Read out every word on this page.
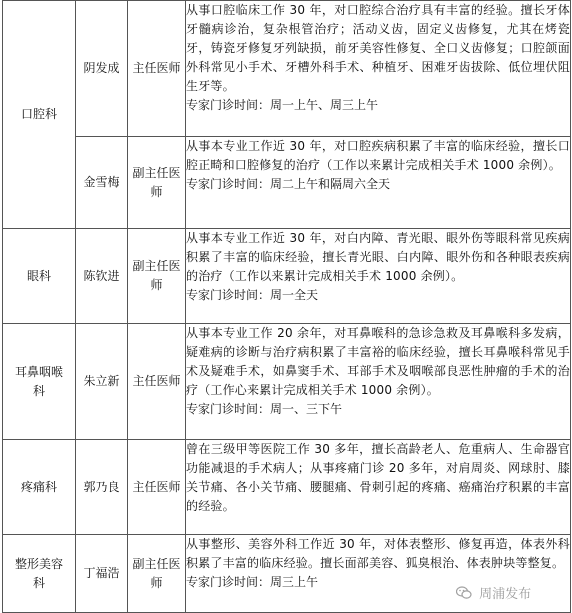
口腔科	阴发成	主任医师	从事口腔临床工作 30 年，对口腔综合治疗具有丰富的经验。擅长牙体牙髓病诊治，复杂根管治疗；活动义齿，固定义齿修复，尤其在烤瓷牙，铸瓷牙修复牙列缺损，前牙美容性修复、全口义齿修复；口腔颌面外科常见小手术、牙槽外科手术、种植牙、困难牙齿拔除、低位埋伏阻生牙等。
专家门诊时间：周一上午、周三上午

	金雪梅	副主任医师	从事本专业工作近 30 年，对口腔疾病积累了丰富的临床经验，擅长口腔正畸和口腔修复的治疗（工作以来累计完成相关手术 1000 余例）。
专家门诊时间：周二上午和隔周六全天

眼科	陈钦进	副主任医师	从事本专业工作近 30 年，对白内障、青光眼、眼外伤等眼科常见疾病积累了丰富的临床经验，擅长青光眼、白内障、眼外伤和各种眼表疾病的治疗（工作以来累计完成相关手术 1000 余例）。
专家门诊时间：周一全天

耳鼻咽喉科	朱立新	主任医师	从事本专业工作 20 余年，对耳鼻喉科的急诊急救及耳鼻喉科多发病，疑难病的诊断与治疗病积累了丰富裕的临床经验，擅长耳鼻喉科常见手术及疑难手术，如鼻窦手术、耳部手术及咽喉部良恶性肿瘤的手术的治疗（工作心来累计完成相关手术 1000 余例）。
专家门诊时间：周一、三下午

疼痛科	郭乃良	主任医师	曾在三级甲等医院工作 30 多年，擅长高龄老人、危重病人、生命器官功能减退的手术病人；从事疼痛门诊 20 多年，对肩周炎、网球肘、膝关节痛、各小关节痛、腰腿痛、骨刺引起的疼痛、癌痛治疗积累的丰富的经验。

整形美容科	丁福浩	副主任医师	从事整形、美容外科工作近 30 年，对体表整形、修复再造，体表外科积累了丰富的临床经验。擅长面部美容、狐臭根治、体表肿块等整复。
专家门诊时间：周三上午
周浦发布
